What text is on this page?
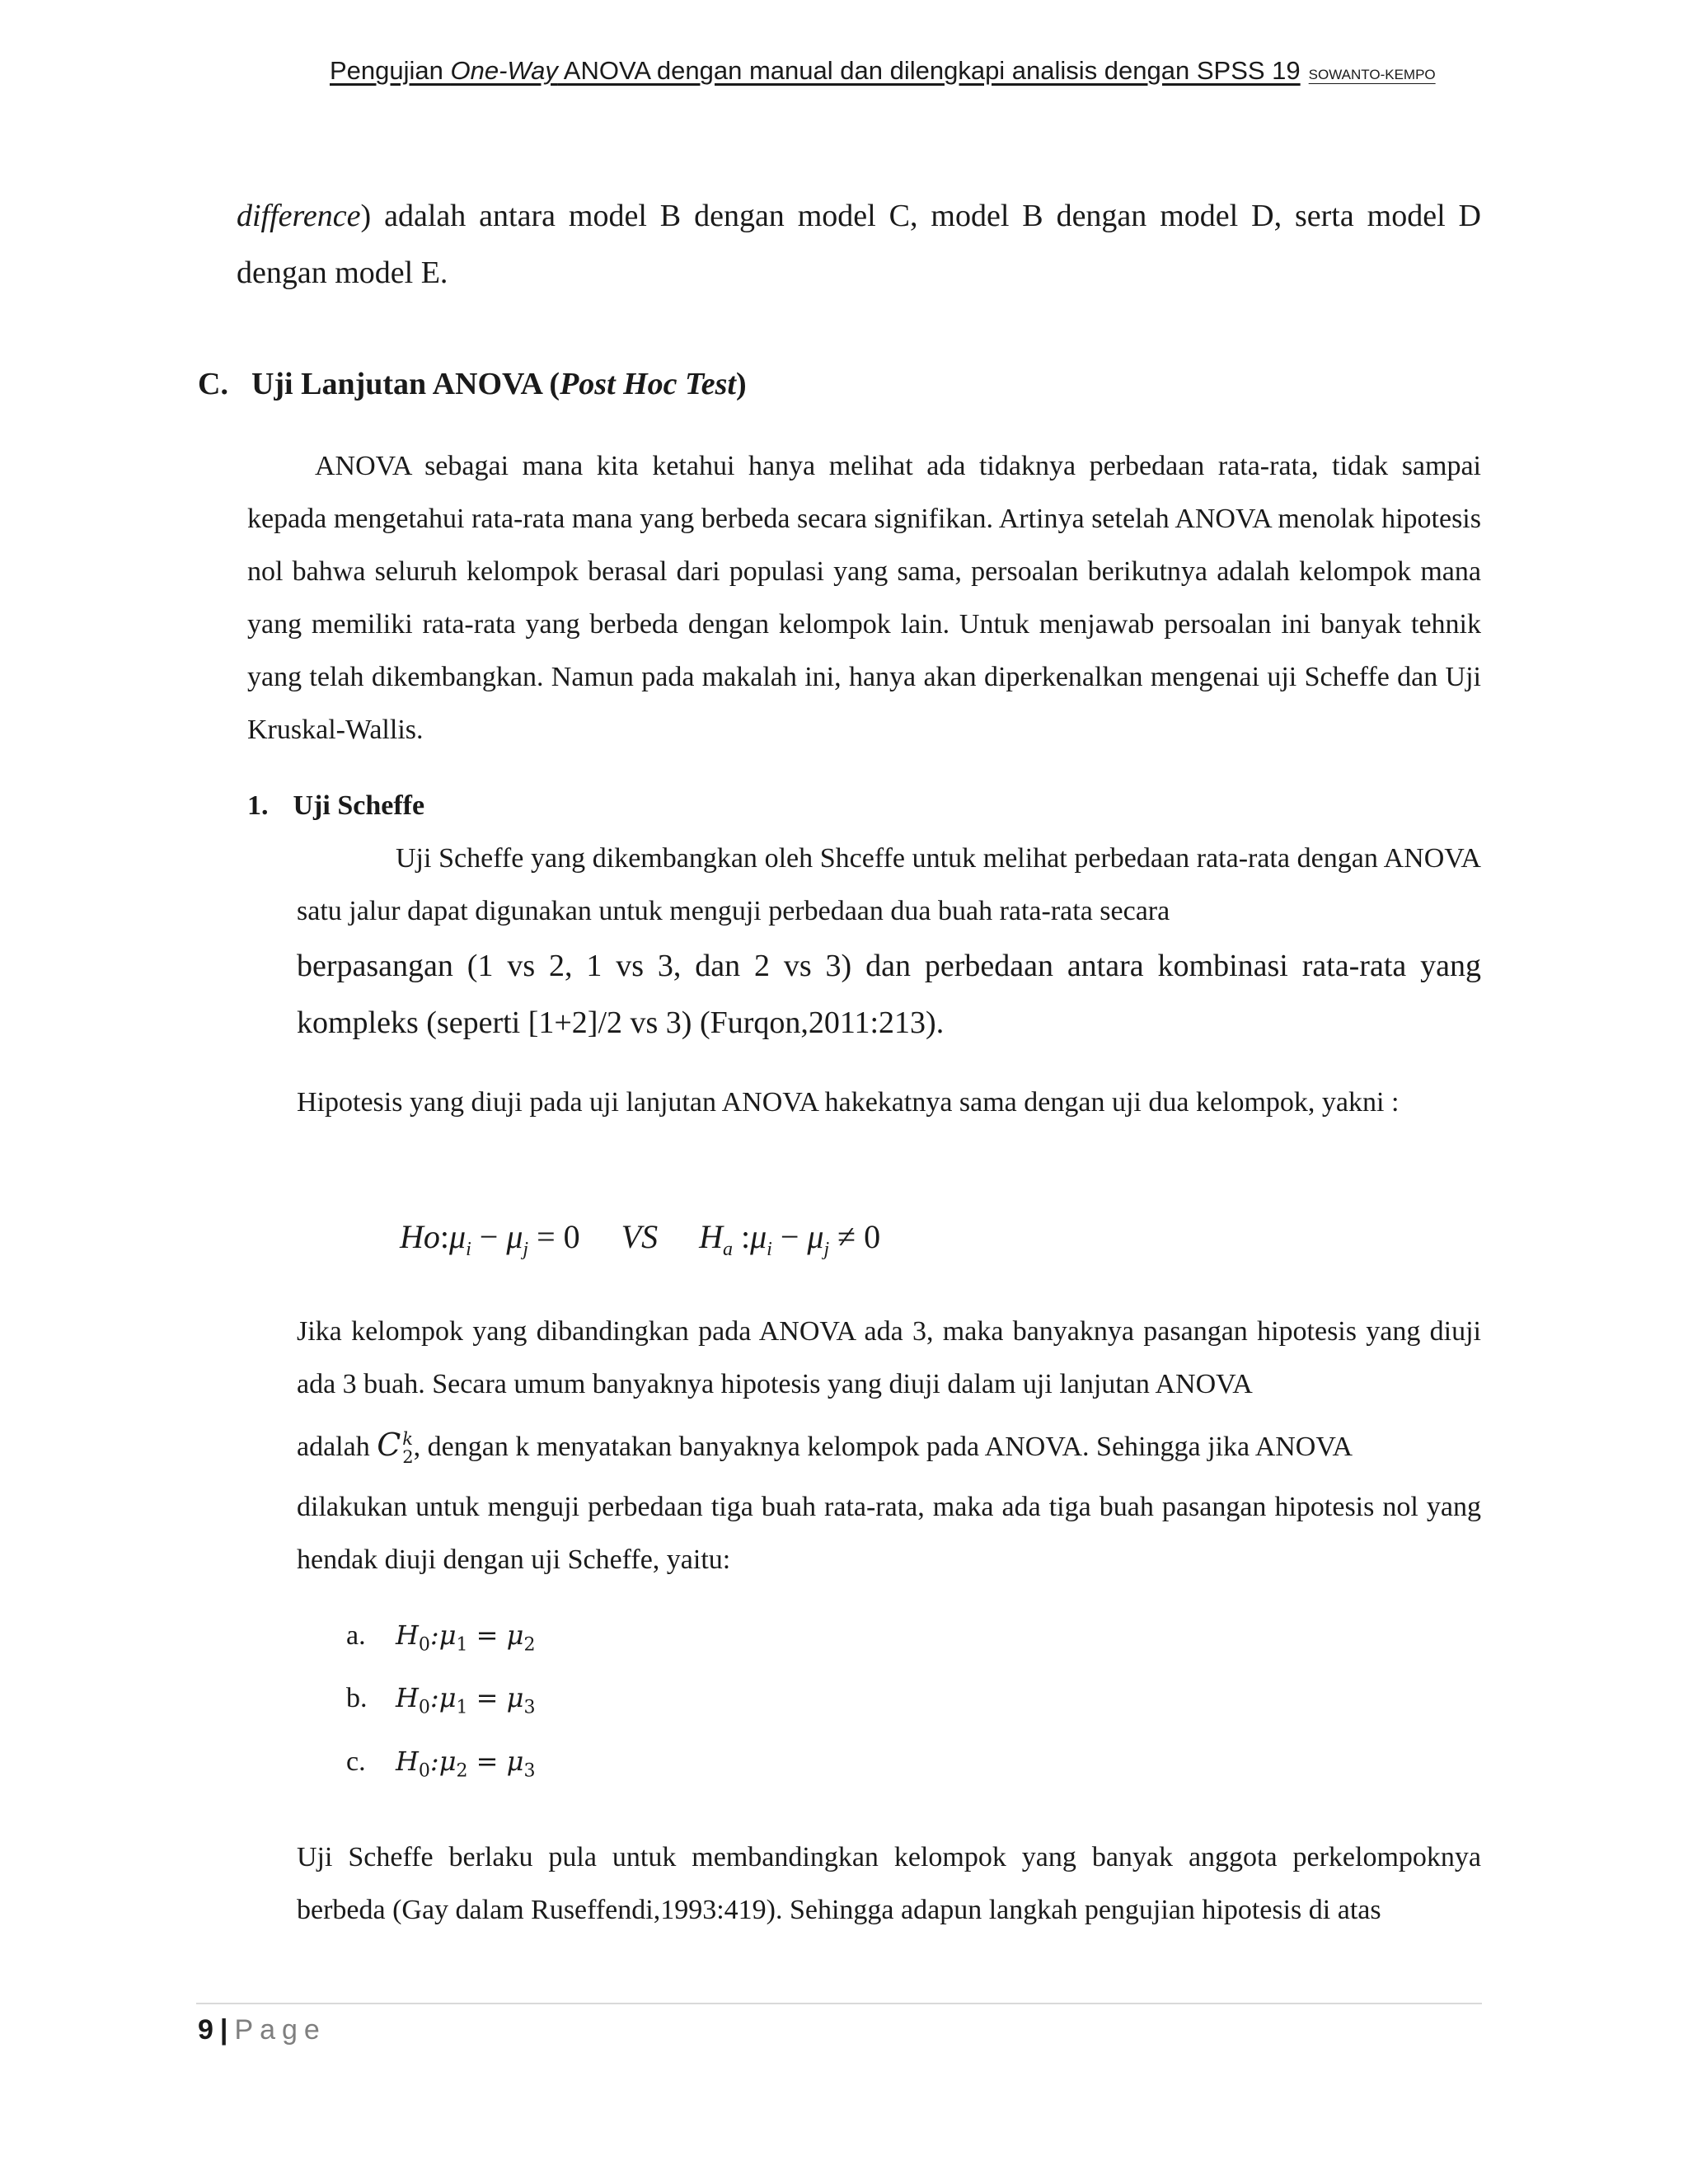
Pengujian One-Way ANOVA dengan manual dan dilengkapi analisis dengan SPSS 19 SOWANTO-KEMPO
difference) adalah antara model B dengan model C, model B dengan model D, serta model D dengan model E.
C. Uji Lanjutan ANOVA (Post Hoc Test)
ANOVA sebagai mana kita ketahui hanya melihat ada tidaknya perbedaan rata-rata, tidak sampai kepada mengetahui rata-rata mana yang berbeda secara signifikan. Artinya setelah ANOVA menolak hipotesis nol bahwa seluruh kelompok berasal dari populasi yang sama, persoalan berikutnya adalah kelompok mana yang memiliki rata-rata yang berbeda dengan kelompok lain. Untuk menjawab persoalan ini banyak tehnik yang telah dikembangkan. Namun pada makalah ini, hanya akan diperkenalkan mengenai uji Scheffe dan Uji Kruskal-Wallis.
1. Uji Scheffe
Uji Scheffe yang dikembangkan oleh Shceffe untuk melihat perbedaan rata-rata dengan ANOVA satu jalur dapat digunakan untuk menguji perbedaan dua buah rata-rata secara
berpasangan (1 vs 2, 1 vs 3, dan 2 vs 3) dan perbedaan antara kombinasi rata-rata yang kompleks (seperti [1+2]/2 vs 3) (Furqon,2011:213).
Hipotesis yang diuji pada uji lanjutan ANOVA hakekatnya sama dengan uji dua kelompok, yakni :
$Ho:\mu_i - \mu_j = 0$ VS $H_a$ $:\mu_i - \mu_j \ne 0$
Jika kelompok yang dibandingkan pada ANOVA ada 3, maka banyaknya pasangan hipotesis yang diuji ada 3 buah. Secara umum banyaknya hipotesis yang diuji dalam uji lanjutan ANOVA
adalah C k
2 , dengan k menyatakan banyaknya kelompok pada ANOVA. Sehingga jika ANOVA
dilakukan untuk menguji perbedaan tiga buah rata-rata, maka ada tiga buah pasangan hipotesis nol yang hendak diuji dengan uji Scheffe, yaitu:
a. $H_0:\mu_1 = \mu_2$
b. $H_0:\mu_1 = \mu_3$
c. $H_0:\mu_2 = \mu_3$
Uji Scheffe berlaku pula untuk membandingkan kelompok yang banyak anggota perkelompoknya berbeda (Gay dalam Ruseffendi,1993:419). Sehingga adapun langkah pengujian hipotesis di atas
9 | Page
